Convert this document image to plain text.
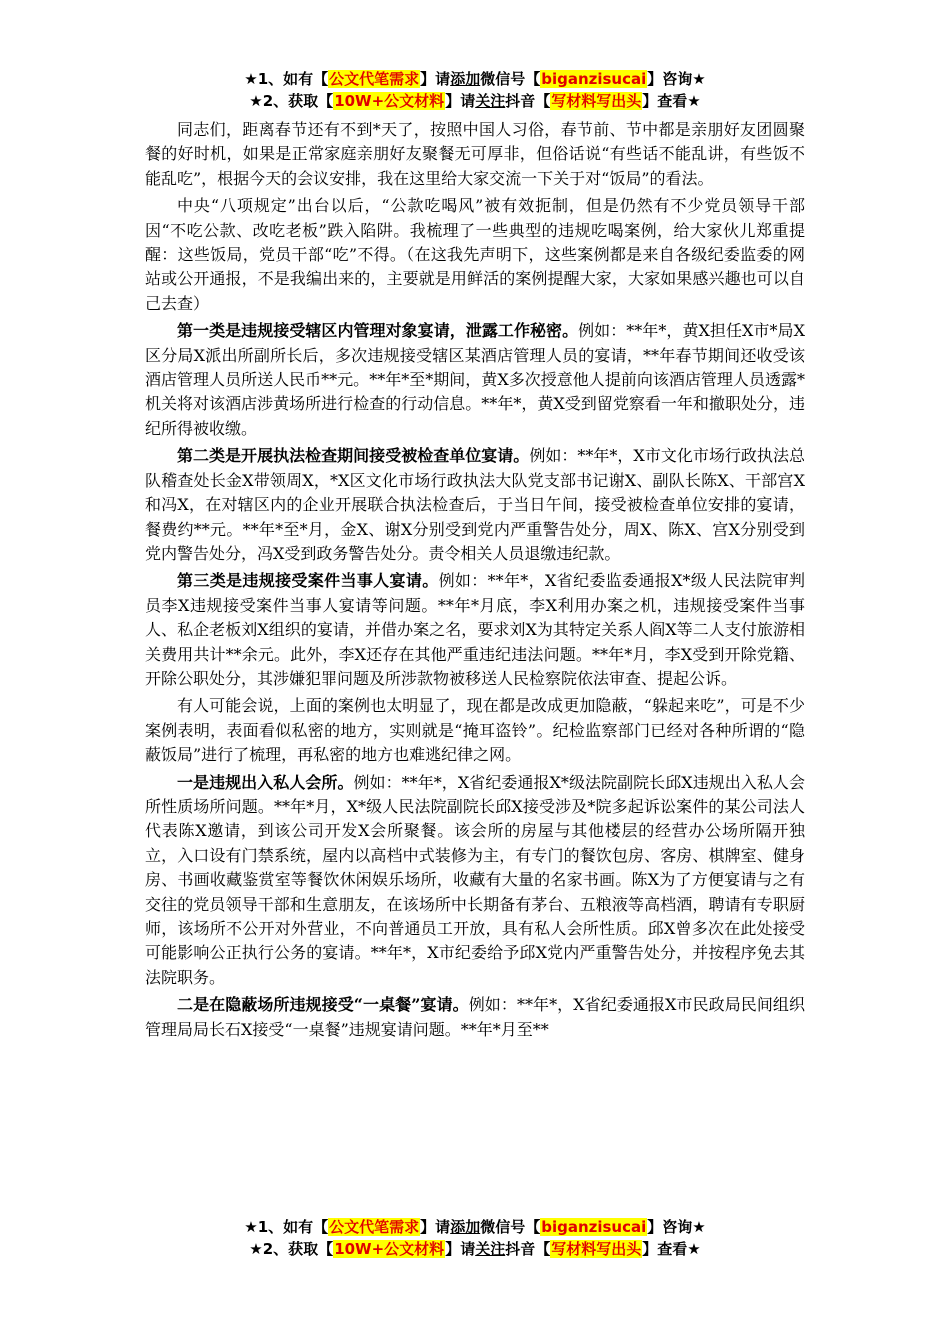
★1、如有【公文代笔需求】请添加微信号【biganzisucai】咨询★
★2、获取【10W+公文材料】请关注抖音【写材料写出头】查看★

同志们，距离春节还有不到*天了，按照中国人习俗，春节前、节中都是亲朋好友团圆聚餐的好时机，如果是正常家庭亲朋好友聚餐无可厚非，但俗话说“有些话不能乱讲，有些饭不能乱吃”，根据今天的会议安排，我在这里给大家交流一下关于对“饭局”的看法。

中央“八项规定”出台以后，“公款吃喝风”被有效扼制，但是仍然有不少党员领导干部因“不吃公款、改吃老板”跌入陷阱。我梳理了一些典型的违规吃喝案例，给大家伙儿郑重提醒：这些饭局，党员干部“吃”不得。（在这我先声明下，这些案例都是来自各级纪委监委的网站或公开通报，不是我编出来的，主要就是用鲜活的案例提醒大家，大家如果感兴趣也可以自己去查）

第一类是违规接受辖区内管理对象宴请，泄露工作秘密。例如：**年*，黄X担任X市*局X区分局X派出所副所长后，多次违规接受辖区某酒店管理人员的宴请，**年春节期间还收受该酒店管理人员所送人民币**元。**年*至*期间，黄X多次授意他人提前向该酒店管理人员透露*机关将对该酒店涉黄场所进行检查的行动信息。**年*，黄X受到留党察看一年和撤职处分，违纪所得被收缴。

第二类是开展执法检查期间接受被检查单位宴请。例如：**年*，X市文化市场行政执法总队稽查处长金X带领周X，*X区文化市场行政执法大队党支部书记谢X、副队长陈X、干部宫X和冯X，在对辖区内的企业开展联合执法检查后，于当日午间，接受被检查单位安排的宴请，餐费约**元。**年*至*月，金X、谢X分别受到党内严重警告处分，周X、陈X、宫X分别受到党内警告处分，冯X受到政务警告处分。责令相关人员退缴违纪款。

第三类是违规接受案件当事人宴请。例如：**年*，X省纪委监委通报X*级人民法院审判员李X违规接受案件当事人宴请等问题。**年*月底，李X利用办案之机，违规接受案件当事人、私企老板刘X组织的宴请，并借办案之名，要求刘X为其特定关系人阎X等二人支付旅游相关费用共计**余元。此外，李X还存在其他严重违纪违法问题。**年*月，李X受到开除党籍、开除公职处分，其涉嫌犯罪问题及所涉款物被移送人民检察院依法审查、提起公诉。

有人可能会说，上面的案例也太明显了，现在都是改成更加隐蔽，“躲起来吃”，可是不少案例表明，表面看似私密的地方，实则就是“掩耳盗铃”。纪检监察部门已经对各种所谓的“隐蔽饭局”进行了梳理，再私密的地方也难逃纪律之网。

一是违规出入私人会所。例如：**年*，X省纪委通报X*级法院副院长邱X违规出入私人会所性质场所问题。**年*月，X*级人民法院副院长邱X接受涉及*院多起诉讼案件的某公司法人代表陈X邀请，到该公司开发X会所聚餐。该会所的房屋与其他楼层的经营办公场所隔开独立，入口设有门禁系统，屋内以高档中式装修为主，有专门的餐饮包房、客房、棋牌室、健身房、书画收藏鉴赏室等餐饮休闲娱乐场所，收藏有大量的名家书画。陈X为了方便宴请与之有交往的党员领导干部和生意朋友，在该场所中长期备有茅台、五粮液等高档酒，聘请有专职厨师，该场所不公开对外营业，不向普通员工开放，具有私人会所性质。邱X曾多次在此处接受可能影响公正执行公务的宴请。**年*，X市纪委给予邱X党内严重警告处分，并按程序免去其法院职务。

二是在隐蔽场所违规接受“一桌餐”宴请。例如：**年*，X省纪委通报X市民政局民间组织管理局局长石X接受“一桌餐”违规宴请问题。**年*月至**

★1、如有【公文代笔需求】请添加微信号【biganzisucai】咨询★
★2、获取【10W+公文材料】请关注抖音【写材料写出头】查看★
